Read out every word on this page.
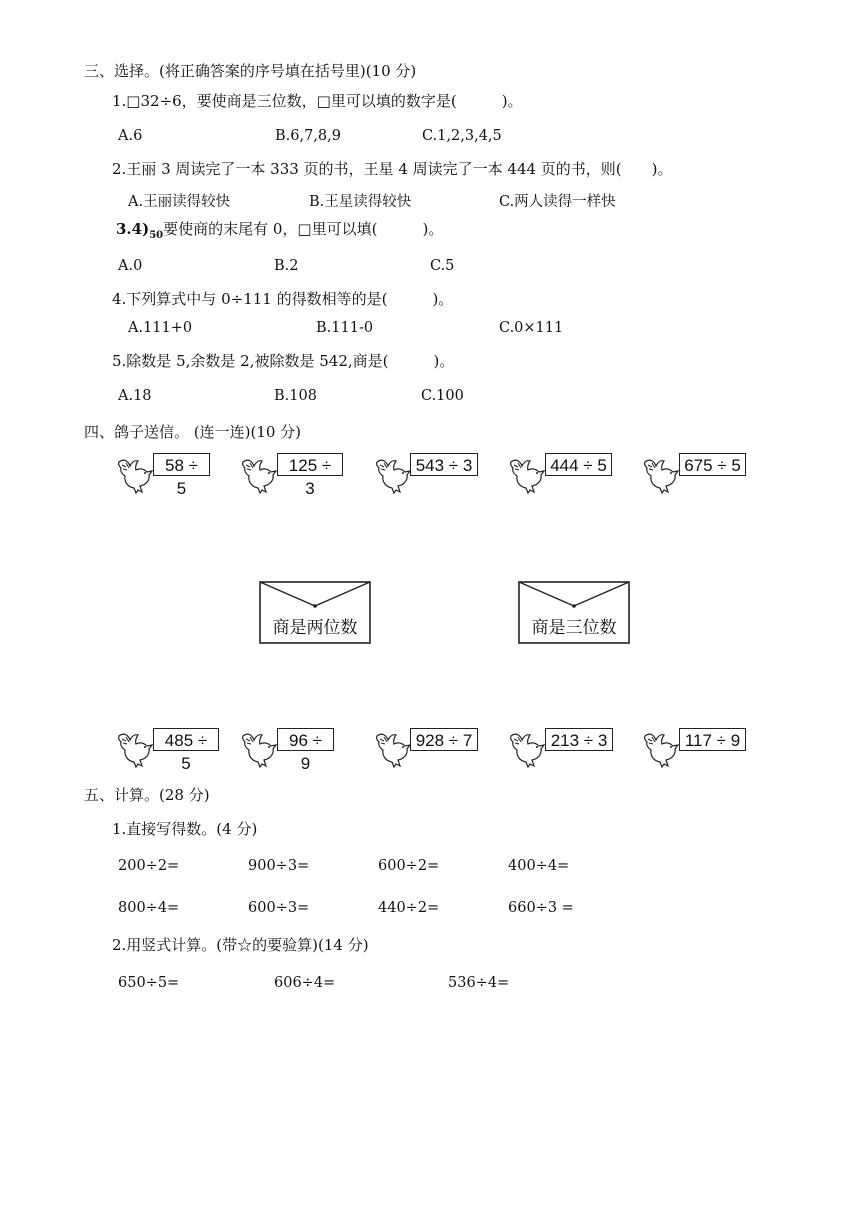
三、选择。(将正确答案的序号填在括号里)(10 分)
1.□32÷6，要使商是三位数，□里可以填的数字是(　　　)。
A.6	B.6,7,8,9	C.1,2,3,4,5
2.王丽 3 周读完了一本 333 页的书，王星 4 周读完了一本 444 页的书，则(　　)。
A.王丽读得较快	B.王星读得较快	C.两人读得一样快
$3.4)_{50}$要使商的末尾有 0，□里可以填(　　　)。
A.0	B.2	C.5
4.下列算式中与 0÷111 的得数相等的是(　　　)。
A.111+0	B.111-0	C.0×111
5.除数是 5,余数是 2,被除数是 542,商是(　　　)。
A.18	B.108	C.100
四、鸽子送信。 (连一连)(10 分)
58 ÷ 5
125 ÷ 3
543 ÷ 3	444 ÷ 5	675 ÷ 5
商是两位数	商是三位数
485 ÷ 5
96 ÷ 9
928 ÷ 7	213 ÷ 3	117 ÷ 9
五、计算。(28 分)
1.直接写得数。(4 分)
200÷2=	900÷3=	600÷2=	400÷4=
800÷4=	600÷3=	440÷2=	660÷3 =
2.用竖式计算。(带☆的要验算)(14 分)
650÷5=	606÷4=	536÷4=
